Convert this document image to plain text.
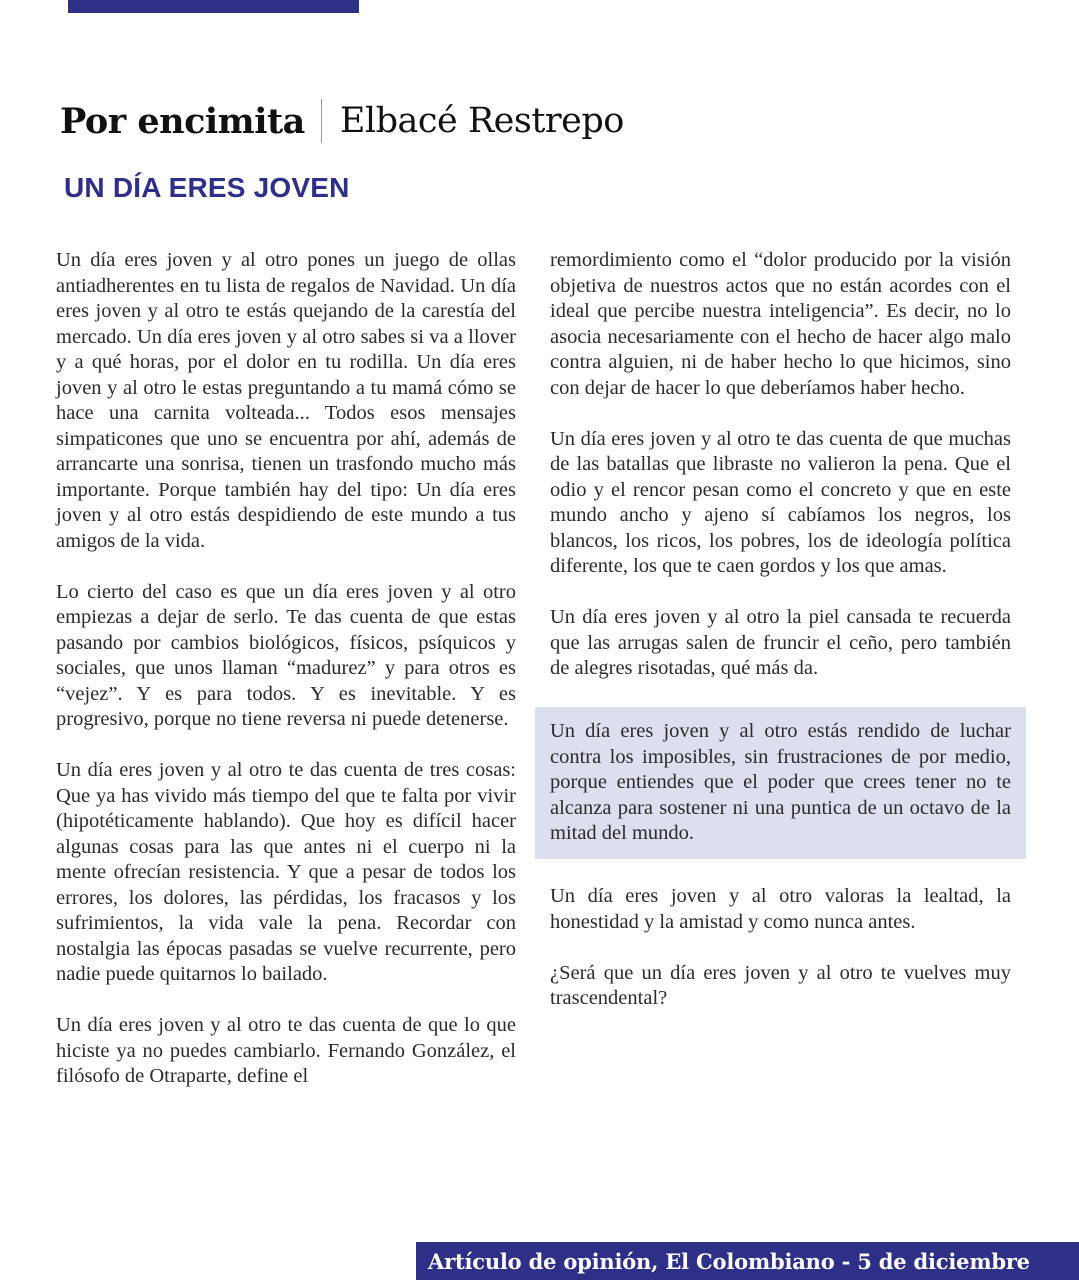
Por encimita Elbacé Restrepo
UN DÍA ERES JOVEN

Un día eres joven y al otro pones un juego de ollas antiadherentes en tu lista de regalos de Navidad. Un día eres joven y al otro te estás quejando de la carestía del mercado. Un día eres joven y al otro sabes si va a llover y a qué horas, por el dolor en tu rodilla. Un día eres joven y al otro le estas preguntando a tu mamá cómo se hace una carnita volteada... Todos esos mensajes simpaticones que uno se encuentra por ahí, además de arrancarte una sonrisa, tienen un trasfondo mucho más importante. Porque también hay del tipo: Un día eres joven y al otro estás despidiendo de este mundo a tus amigos de la vida.

Lo cierto del caso es que un día eres joven y al otro empiezas a dejar de serlo. Te das cuenta de que estas pasando por cambios biológicos, físicos, psíquicos y sociales, que unos llaman “madurez” y para otros es “vejez”. Y es para todos. Y es inevitable. Y es progresivo, porque no tiene reversa ni puede detenerse.

Un día eres joven y al otro te das cuenta de tres cosas: Que ya has vivido más tiempo del que te falta por vivir (hipotéticamente hablando). Que hoy es difícil hacer algunas cosas para las que antes ni el cuerpo ni la mente ofrecían resistencia. Y que a pesar de todos los errores, los dolores, las pérdidas, los fracasos y los sufrimientos, la vida vale la pena. Recordar con nostalgia las épocas pasadas se vuelve recurrente, pero nadie puede quitarnos lo bailado.

Un día eres joven y al otro te das cuenta de que lo que hiciste ya no puedes cambiarlo. Fernando González, el filósofo de Otraparte, define el

remordimiento como el “dolor producido por la visión objetiva de nuestros actos que no están acordes con el ideal que percibe nuestra inteligencia”. Es decir, no lo asocia necesariamente con el hecho de hacer algo malo contra alguien, ni de haber hecho lo que hicimos, sino con dejar de hacer lo que deberíamos haber hecho.

Un día eres joven y al otro te das cuenta de que muchas de las batallas que libraste no valieron la pena. Que el odio y el rencor pesan como el concreto y que en este mundo ancho y ajeno sí cabíamos los negros, los blancos, los ricos, los pobres, los de ideología política diferente, los que te caen gordos y los que amas.

Un día eres joven y al otro la piel cansada te recuerda que las arrugas salen de fruncir el ceño, pero también de alegres risotadas, qué más da.

Un día eres joven y al otro estás rendido de luchar contra los imposibles, sin frustraciones de por medio, porque entiendes que el poder que crees tener no te alcanza para sostener ni una puntica de un octavo de la mitad del mundo.

Un día eres joven y al otro valoras la lealtad, la honestidad y la amistad y como nunca antes.

¿Será que un día eres joven y al otro te vuelves muy trascendental?

Artículo de opinión, El Colombiano - 5 de diciembre
